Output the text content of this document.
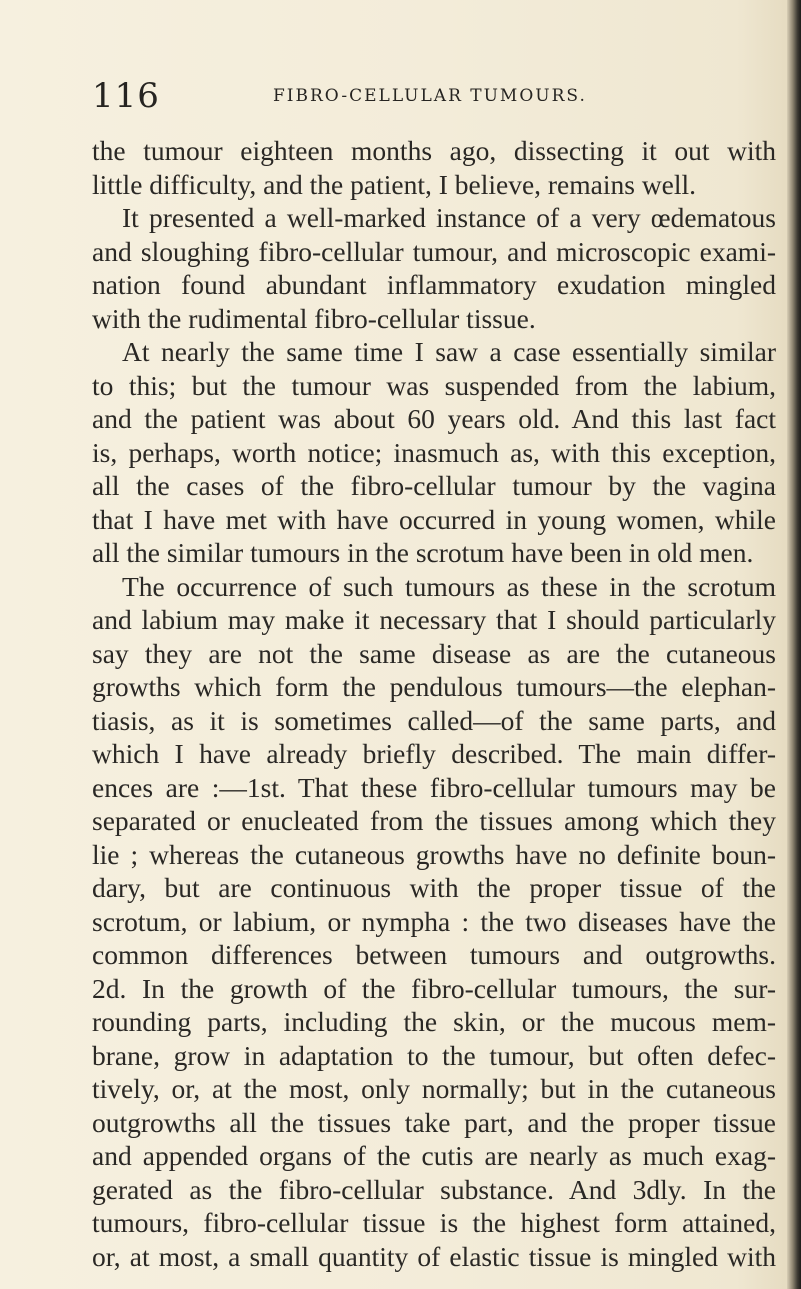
116	FIBRO-CELLULAR TUMOURS.
the tumour eighteen months ago, dissecting it out with
little difficulty, and the patient, I believe, remains well.
It presented a well-marked instance of a very œdematous
and sloughing fibro-cellular tumour, and microscopic exami-
nation found abundant inflammatory exudation mingled
with the rudimental fibro-cellular tissue.
At nearly the same time I saw a case essentially similar
to this; but the tumour was suspended from the labium,
and the patient was about 60 years old. And this last fact
is, perhaps, worth notice; inasmuch as, with this exception,
all the cases of the fibro-cellular tumour by the vagina
that I have met with have occurred in young women, while
all the similar tumours in the scrotum have been in old men.
The occurrence of such tumours as these in the scrotum
and labium may make it necessary that I should particularly
say they are not the same disease as are the cutaneous
growths which form the pendulous tumours—the elephan-
tiasis, as it is sometimes called—of the same parts, and
which I have already briefly described. The main differ-
ences are :—1st. That these fibro-cellular tumours may be
separated or enucleated from the tissues among which they
lie ; whereas the cutaneous growths have no definite boun-
dary, but are continuous with the proper tissue of the
scrotum, or labium, or nympha : the two diseases have the
common differences between tumours and outgrowths.
2d. In the growth of the fibro-cellular tumours, the sur-
rounding parts, including the skin, or the mucous mem-
brane, grow in adaptation to the tumour, but often defec-
tively, or, at the most, only normally; but in the cutaneous
outgrowths all the tissues take part, and the proper tissue
and appended organs of the cutis are nearly as much exag-
gerated as the fibro-cellular substance. And 3dly. In the
tumours, fibro-cellular tissue is the highest form attained,
or, at most, a small quantity of elastic tissue is mingled with
